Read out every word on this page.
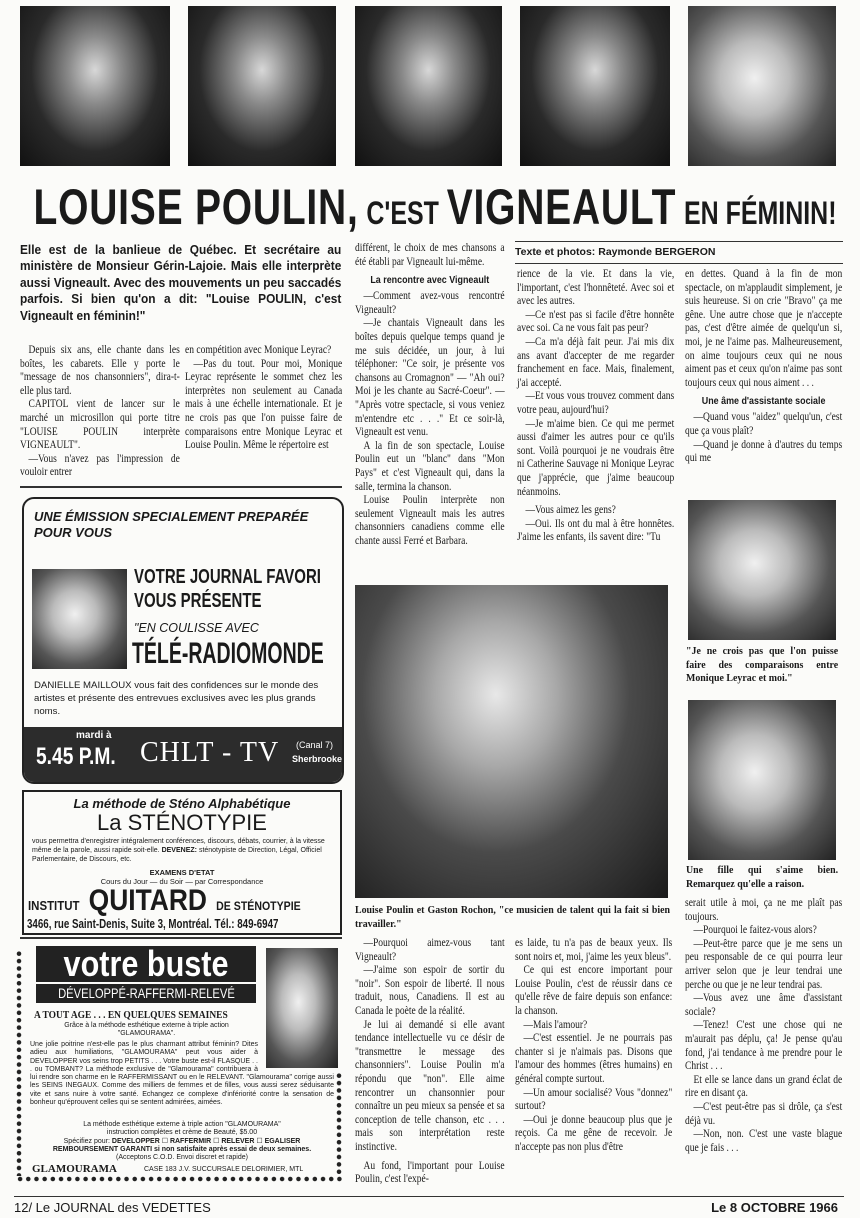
LOUISE POULIN, C'EST VIGNEAULT EN FÉMININ!
Elle est de la banlieue de Québec. Et secrétaire au ministère de Monsieur Gérin-Lajoie. Mais elle interprète aussi Vigneault. Avec des mouvements un peu saccadés parfois. Si bien qu'on a dit: "Louise POULIN, c'est Vigneault en féminin!"

Depuis six ans, elle chante dans les boîtes, les cabarets. Elle y porte le "message de nos chansonniers", dira-t-elle plus tard.

CAPITOL vient de lancer sur le marché un microsillon qui porte titre "LOUISE POULIN interprète VIGNEAULT".

—Vous n'avez pas l'impression de vouloir entrer

en compétition avec Monique Leyrac?

—Pas du tout. Pour moi, Monique Leyrac représente le sommet chez les interprètes non seulement au Canada mais à une échelle internationale. Et je ne crois pas que l'on puisse faire de comparaisons entre Monique Leyrac et Louise Poulin. Même le répertoire est

différent, le choix de mes chansons a été établi par Vigneault lui-même.

La rencontre avec Vigneault

—Comment avez-vous rencontré Vigneault?

—Je chantais Vigneault dans les boîtes depuis quelque temps quand je me suis décidée, un jour, à lui téléphoner: "Ce soir, je présente vos chansons au Cromagnon" — "Ah oui? Moi je les chante au Sacré-Coeur". — "Après votre spectacle, si vous veniez m'entendre etc . . ." Et ce soir-là, Vigneault est venu.

A la fin de son spectacle, Louise Poulin eut un "blanc" dans "Mon Pays" et c'est Vigneault qui, dans la salle, termina la chanson.

Louise Poulin interprète non seulement Vigneault mais les autres chansonniers canadiens comme elle chante aussi Ferré et Barbara.

Texte et photos: Raymonde BERGERON

rience de la vie. Et dans la vie, l'important, c'est l'honnêteté. Avec soi et avec les autres.

—Ce n'est pas si facile d'être honnête avec soi. Ca ne vous fait pas peur?

—Ca m'a déjà fait peur. J'ai mis dix ans avant d'accepter de me regarder franchement en face. Mais, finalement, j'ai accepté.

—Et vous vous trouvez comment dans votre peau, aujourd'hui?

—Je m'aime bien. Ce qui me permet aussi d'aimer les autres pour ce qu'ils sont. Voilà pourquoi je ne voudrais être ni Catherine Sauvage ni Monique Leyrac que j'apprécie, que j'aime beaucoup néanmoins.

—Vous aimez les gens?

—Oui. Ils ont du mal à être honnêtes. J'aime les enfants, ils savent dire: "Tu

en dettes. Quand à la fin de mon spectacle, on m'applaudit simplement, je suis heureuse. Si on crie "Bravo" ça me gêne. Une autre chose que je n'accepte pas, c'est d'être aimée de quelqu'un si, moi, je ne l'aime pas. Malheureusement, on aime toujours ceux qui ne nous aiment pas et ceux qu'on n'aime pas sont toujours ceux qui nous aiment . . .

Une âme d'assistante sociale

—Quand vous "aidez" quelqu'un, c'est que ça vous plaît?

—Quand je donne à d'autres du temps qui me

"Je ne crois pas que l'on puisse faire des comparaisons entre Monique Leyrac et moi."
Une fille qui s'aime bien. Remarquez qu'elle a raison.
Louise Poulin et Gaston Rochon, "ce musicien de talent qui la fait si bien travailler."

—Pourquoi aimez-vous tant Vigneault?

—J'aime son espoir de sortir du "noir". Son espoir de liberté. Il nous traduit, nous, Canadiens. Il est au Canada le poète de la réalité.

Je lui ai demandé si elle avant tendance intellectuelle vu ce désir de "transmettre le message des chansonniers". Louise Poulin m'a répondu que "non". Elle aime rencontrer un chansonnier pour connaître un peu mieux sa pensée et sa conception de telle chanson, etc . . . mais son interprétation reste instinctive.

Au fond, l'important pour Louise Poulin, c'est l'expé-

es laide, tu n'a pas de beaux yeux. Ils sont noirs et, moi, j'aime les yeux bleus".

Ce qui est encore important pour Louise Poulin, c'est de réussir dans ce qu'elle rêve de faire depuis son enfance: la chanson.

—Mais l'amour?

—C'est essentiel. Je ne pourrais pas chanter si je n'aimais pas. Disons que l'amour des hommes (êtres humains) en général compte surtout.

—Un amour socialisé? Vous "donnez" surtout?

—Oui je donne beaucoup plus que je reçois. Ca me gêne de recevoir. Je n'accepte pas non plus d'être

serait utile à moi, ça ne me plaît pas toujours.

—Pourquoi le faitez-vous alors?

—Peut-être parce que je me sens un peu responsable de ce qui pourra leur arriver selon que je leur tendrai une perche ou que je ne leur tendrai pas.

—Vous avez une âme d'assistant sociale?

—Tenez! C'est une chose qui ne m'aurait pas déplu, ça! Je pense qu'au fond, j'ai tendance à me prendre pour le Christ . . .

Et elle se lance dans un grand éclat de rire en disant ça.

—C'est peut-être pas si drôle, ça s'est déjà vu.

—Non, non. C'est une vaste blague que je fais . . .

UNE ÉMISSION SPECIALEMENT PREPARÉE POUR VOUS
VOTRE JOURNAL FAVORI
VOUS PRÉSENTE
"EN COULISSE AVEC
TÉLÉ-RADIOMONDE
DANIELLE MAILLOUX vous fait des confidences sur le monde des artistes et présente des entrevues exclusives avec les plus grands noms.
mardi à
5.45 P.M. CHLT - TV (Canal 7)
Sherbrooke
La méthode de Sténo Alphabétique
La STÉNOTYPIE
vous permettra d'enregistrer intégralement conférences, discours, débats, courrier, à la vitesse même de la parole, aussi rapide soit-elle. DEVENEZ: sténotypiste de Direction, Légal, Officiel Parlementaire, de Discours, etc.
EXAMENS D'ETAT
Cours du Jour — du Soir — par Correspondance
INSTITUT QUITARD DE STÉNOTYPIE
3466, rue Saint-Denis, Suite 3, Montréal. Tél.: 849-6947
votre buste
DÉVELOPPÉ-RAFFERMI-RELEVÉ
A TOUT AGE . . . EN QUELQUES SEMAINES
Grâce à la méthode esthétique externe à triple action "GLAMOURAMA".
Une jolie poitrine n'est-elle pas le plus charmant attribut féminin? Dites adieu aux humiliations, "GLAMOURAMA" peut vous aider à DEVELOPPER vos seins trop PETITS . . . Votre buste est-il FLASQUE . . . ou TOMBANT? La méthode exclusive de "Glamourama" contribuera à lui rendre son charme en le RAFFERMISSANT ou en le RELEVANT. "Glamourama" corrige aussi les SEINS INEGAUX. Comme des milliers de femmes et de filles, vous aussi serez séduisante vite et sans nuire à votre santé. Echangez ce complexe d'infériorité contre la sensation de bonheur qu'éprouvent celles qui se sentent admirées, aimées.
La méthode esthétique externe à triple action "GLAMOURAMA"
instruction complètes et crème de Beauté, $5.00
Spécifiez pour: DEVELOPPER ☐ RAFFERMIR ☐ RELEVER ☐ EGALISER
REMBOURSEMENT GARANTI si non satisfaite après essai de deux semaines.
(Acceptons C.O.D. Envoi discret et rapide)
GLAMOURAMA	CASE 183 J.V. SUCCURSALE DELORIMIER, MTL
12/ Le JOURNAL des VEDETTES	Le 8 OCTOBRE 1966
